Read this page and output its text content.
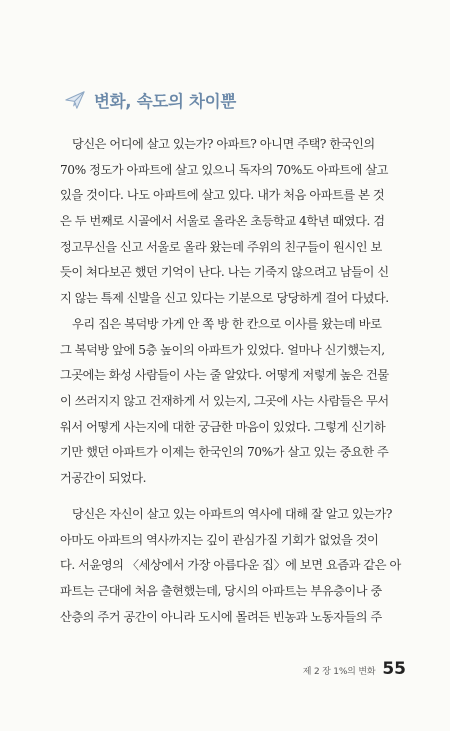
변화, 속도의 차이뿐
당신은 어디에 살고 있는가? 아파트? 아니면 주택? 한국인의
70% 정도가 아파트에 살고 있으니 독자의 70%도 아파트에 살고
있을 것이다. 나도 아파트에 살고 있다. 내가 처음 아파트를 본 것
은 두 번째로 시골에서 서울로 올라온 초등학교 4학년 때였다. 검
정고무신을 신고 서울로 올라 왔는데 주위의 친구들이 원시인 보
듯이 쳐다보곤 했던 기억이 난다. 나는 기죽지 않으려고 남들이 신
지 않는 특제 신발을 신고 있다는 기분으로 당당하게 걸어 다녔다.
우리 집은 복덕방 가게 안 쪽 방 한 칸으로 이사를 왔는데 바로
그 복덕방 앞에 5층 높이의 아파트가 있었다. 얼마나 신기했는지,
그곳에는 화성 사람들이 사는 줄 알았다. 어떻게 저렇게 높은 건물
이 쓰러지지 않고 건재하게 서 있는지, 그곳에 사는 사람들은 무서
워서 어떻게 사는지에 대한 궁금한 마음이 있었다. 그렇게 신기하
기만 했던 아파트가 이제는 한국인의 70%가 살고 있는 중요한 주
거공간이 되었다.
당신은 자신이 살고 있는 아파트의 역사에 대해 잘 알고 있는가?
아마도 아파트의 역사까지는 깊이 관심가질 기회가 없었을 것이
다. 서윤영의 〈세상에서 가장 아름다운 집〉에 보면 요즘과 같은 아
파트는 근대에 처음 출현했는데, 당시의 아파트는 부유층이나 중
산층의 주거 공간이 아니라 도시에 몰려든 빈농과 노동자들의 주
제 2 장 1%의 변화 55
